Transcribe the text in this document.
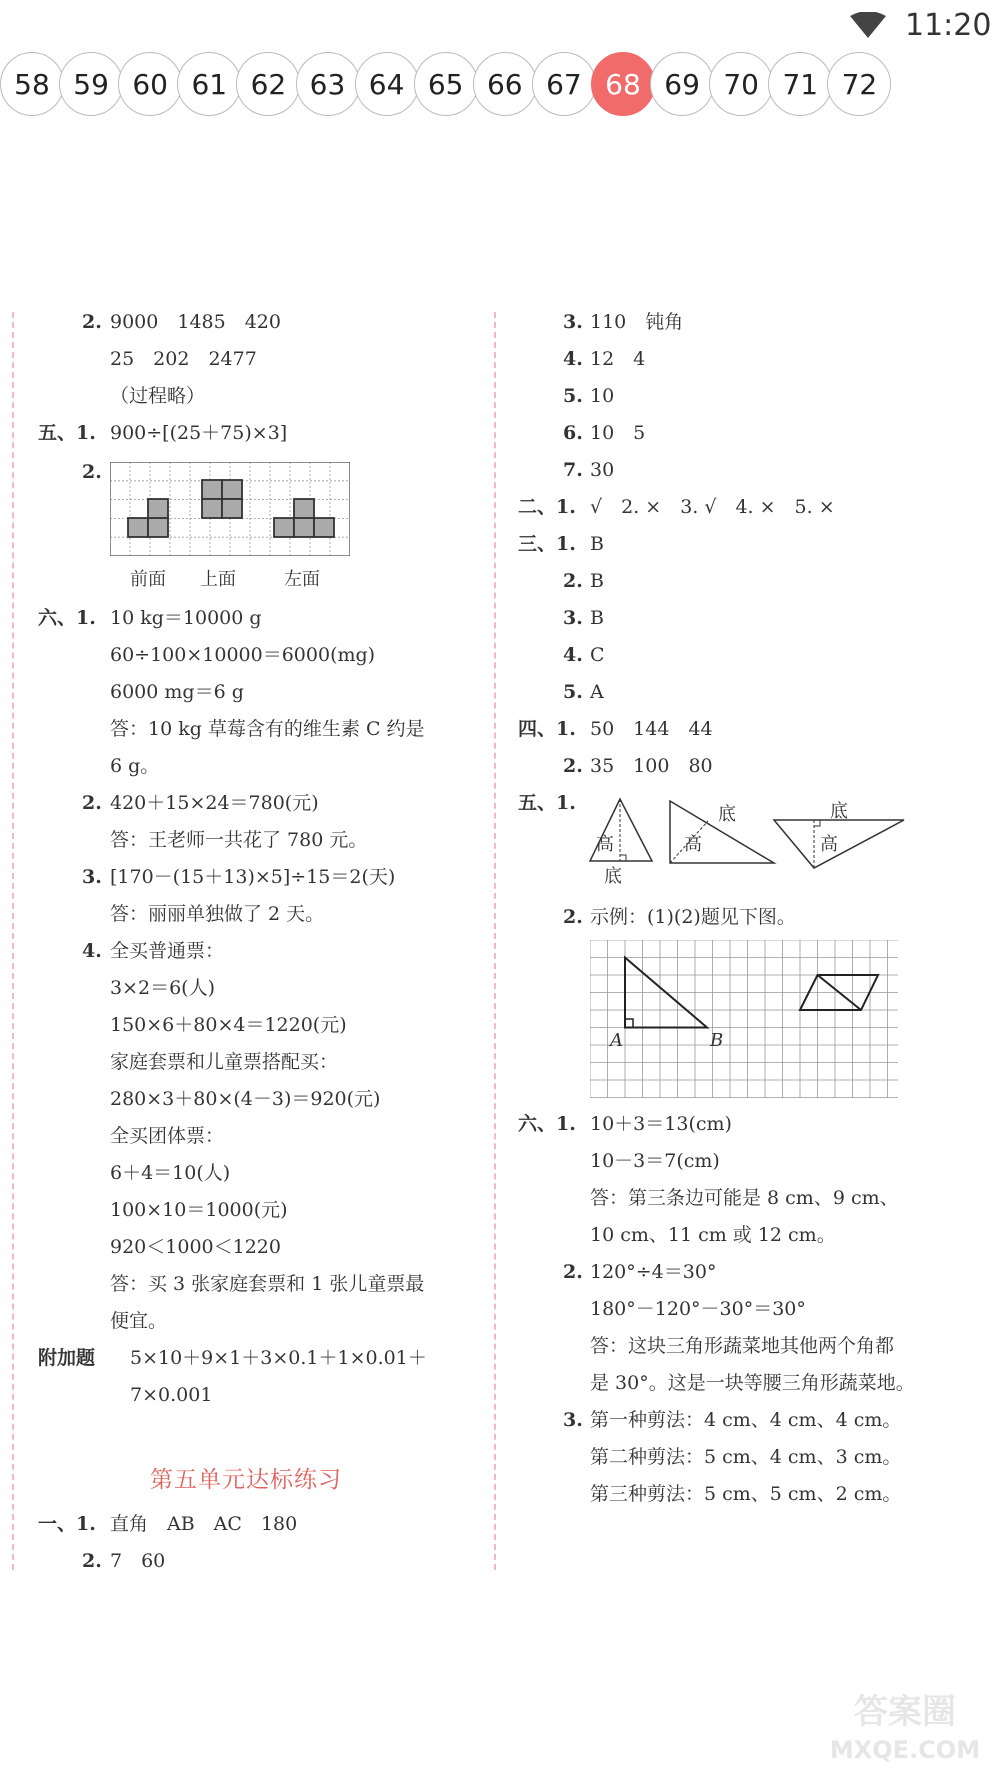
11:20
58 59 60 61 62 63 64 65 66 67 68 69 70 71 72
2. 9000　1485　420
25　202　2477
（过程略）
五、1. 900÷[(25＋75)×3]
2.
前面 上面	左面
六、1. 10 kg＝10000 g
60÷100×10000＝6000(mg)
6000 mg＝6 g
答：10 kg 草莓含有的维生素 C 约是
6 g。
2. 420＋15×24＝780(元)
答：王老师一共花了 780 元。
3. [170－(15＋13)×5]÷15＝2(天)
答：丽丽单独做了 2 天。
4. 全买普通票：
3×2＝6(人)
150×6＋80×4＝1220(元)
家庭套票和儿童票搭配买：
280×3＋80×(4－3)＝920(元)
全买团体票：
6＋4＝10(人)
100×10＝1000(元)
920＜1000＜1220
答：买 3 张家庭套票和 1 张儿童票最
便宜。
附加题 5×10＋9×1＋3×0.1＋1×0.01＋
7×0.001
第五单元达标练习
一、1. 直角　AB　AC　180
2. 7　60
3. 110　钝角
4. 12　4
5. 10
6. 10　5
7. 30
二、1. √　2. ×　3. √　4. ×　5. ×
三、1. B
2. B
3. B
4. C
5. A
四、1. 50　144　44
2. 35　100　80
五、1.
高
底
底
高
底
高
2. 示例：(1)(2)题见下图。
A	B
六、1. 10＋3＝13(cm)
10－3＝7(cm)
答：第三条边可能是 8 cm、9 cm、
10 cm、11 cm 或 12 cm。
2. 120°÷4＝30°
180°－120°－30°＝30°
答：这块三角形蔬菜地其他两个角都
是 30°。这是一块等腰三角形蔬菜地。
3. 第一种剪法：4 cm、4 cm、4 cm。
第二种剪法：5 cm、4 cm、3 cm。
第三种剪法：5 cm、5 cm、2 cm。
答案圈
MXQE.COM
